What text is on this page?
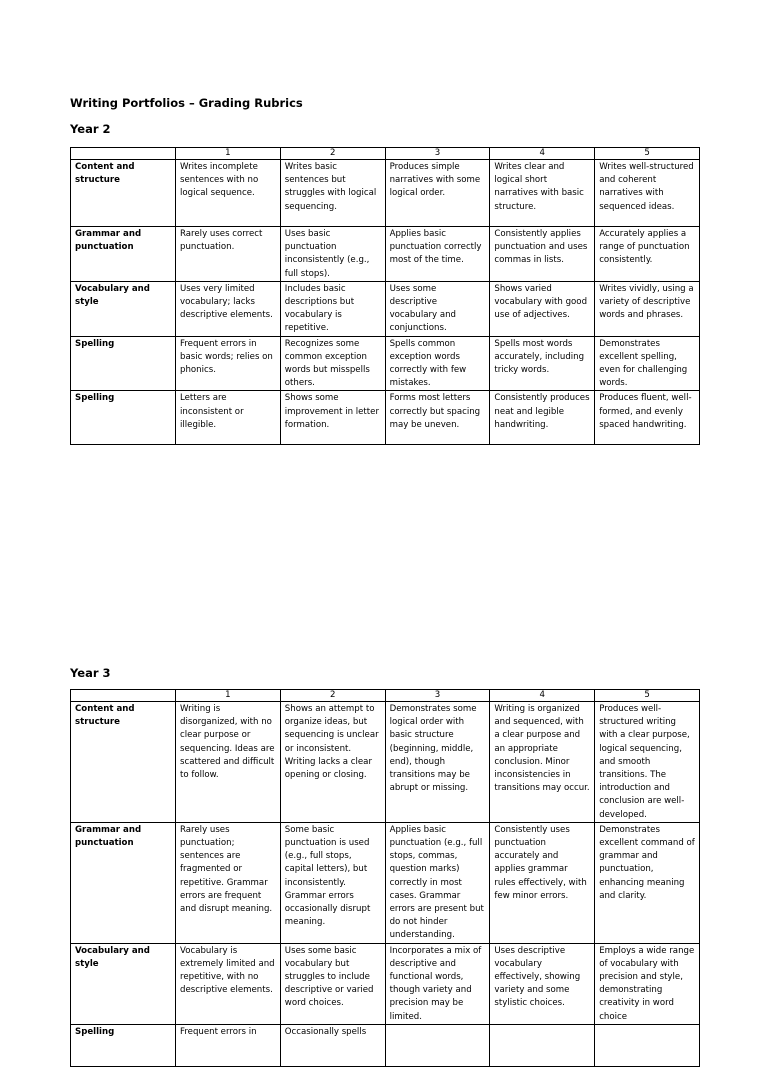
Writing Portfolios – Grading Rubrics
Year 2
	1	2	3	4	5
Content and structure	Writes incomplete sentences with no logical sequence.	Writes basic sentences but struggles with logical sequencing.	Produces simple narratives with some logical order.	Writes clear and logical short narratives with basic structure.	Writes well-structured and coherent narratives with sequenced ideas.
Grammar and punctuation	Rarely uses correct punctuation.	Uses basic punctuation inconsistently (e.g., full stops).	Applies basic punctuation correctly most of the time.	Consistently applies punctuation and uses commas in lists.	Accurately applies a range of punctuation consistently.
Vocabulary and style	Uses very limited vocabulary; lacks descriptive elements.	Includes basic descriptions but vocabulary is repetitive.	Uses some descriptive vocabulary and conjunctions.	Shows varied vocabulary with good use of adjectives.	Writes vividly, using a variety of descriptive words and phrases.
Spelling	Frequent errors in basic words; relies on phonics.	Recognizes some common exception words but misspells others.	Spells common exception words correctly with few mistakes.	Spells most words accurately, including tricky words.	Demonstrates excellent spelling, even for challenging words.
Spelling	Letters are inconsistent or illegible.	Shows some improvement in letter formation.	Forms most letters correctly but spacing may be uneven.	Consistently produces neat and legible handwriting.	Produces fluent, well-formed, and evenly spaced handwriting.
Year 3
	1	2	3	4	5
Content and structure	Writing is disorganized, with no clear purpose or sequencing. Ideas are scattered and difficult to follow.	Shows an attempt to organize ideas, but sequencing is unclear or inconsistent. Writing lacks a clear opening or closing.	Demonstrates some logical order with basic structure (beginning, middle, end), though transitions may be abrupt or missing.	Writing is organized and sequenced, with a clear purpose and an appropriate conclusion. Minor inconsistencies in transitions may occur.	Produces well-structured writing with a clear purpose, logical sequencing, and smooth transitions. The introduction and conclusion are well-developed.
Grammar and punctuation	Rarely uses punctuation; sentences are fragmented or repetitive. Grammar errors are frequent and disrupt meaning.	Some basic punctuation is used (e.g., full stops, capital letters), but inconsistently. Grammar errors occasionally disrupt meaning.	Applies basic punctuation (e.g., full stops, commas, question marks) correctly in most cases. Grammar errors are present but do not hinder understanding.	Consistently uses punctuation accurately and applies grammar rules effectively, with few minor errors.	Demonstrates excellent command of grammar and punctuation, enhancing meaning and clarity.
Vocabulary and style	Vocabulary is extremely limited and repetitive, with no descriptive elements.	Uses some basic vocabulary but struggles to include descriptive or varied word choices.	Incorporates a mix of descriptive and functional words, though variety and precision may be limited.	Uses descriptive vocabulary effectively, showing variety and some stylistic choices.	Employs a wide range of vocabulary with precision and style, demonstrating creativity in word choice
Spelling	Frequent errors in	Occasionally spells			
